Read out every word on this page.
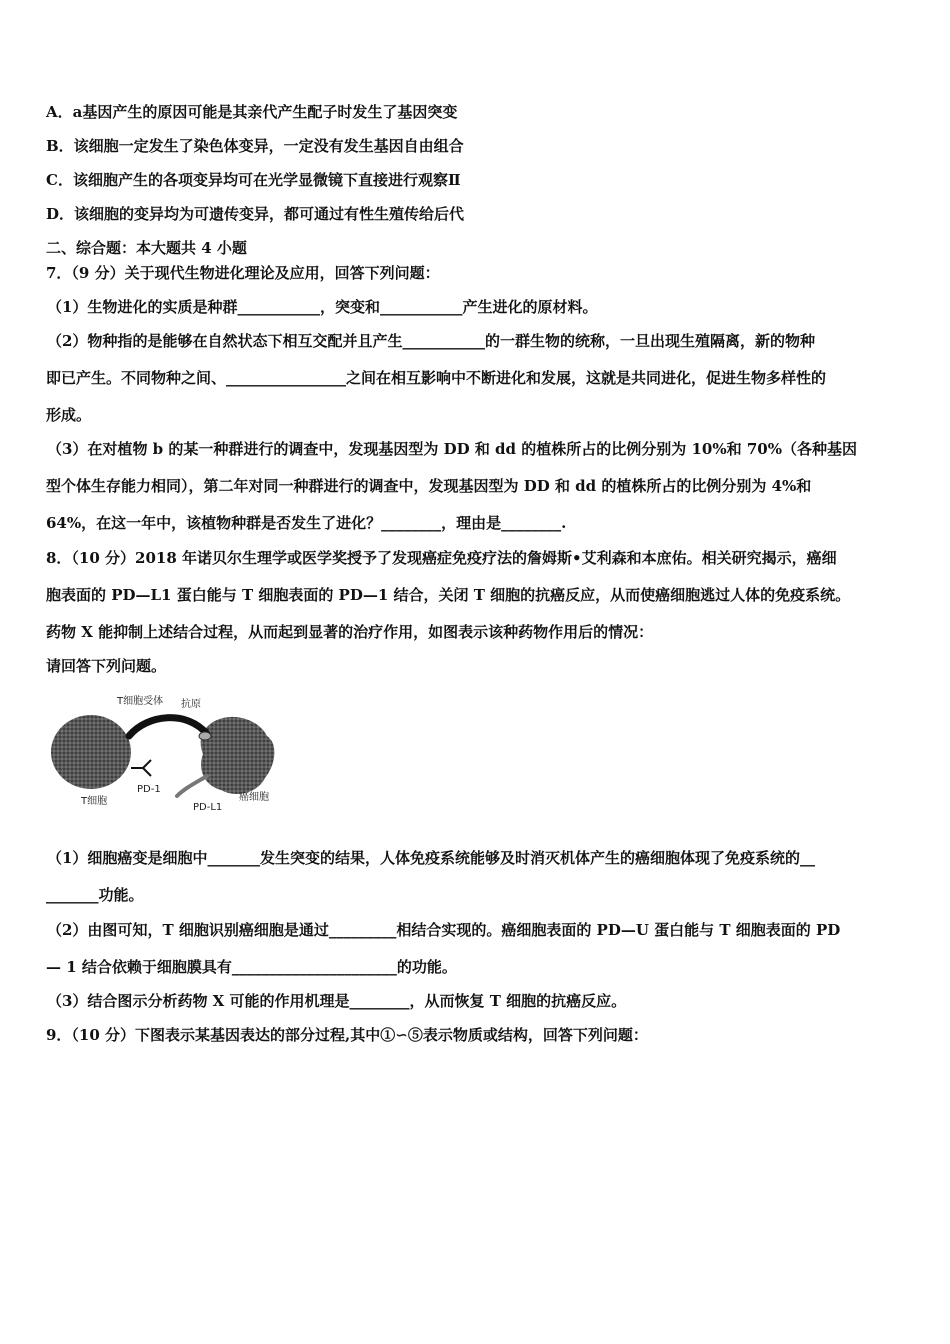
A．a基因产生的原因可能是其亲代产生配子时发生了基因突变
B．该细胞一定发生了染色体变异，一定没有发生基因自由组合
C．该细胞产生的各项变异均可在光学显微镜下直接进行观察Ⅱ
D．该细胞的变异均为可遗传变异，都可通过有性生殖传给后代
二、综合题：本大题共 4 小题
7．（9 分）关于现代生物进化理论及应用，回答下列问题：
（1）生物进化的实质是种群___________，突变和___________产生进化的原材料。
（2）物种指的是能够在自然状态下相互交配并且产生___________的一群生物的统称，一旦出现生殖隔离，新的物种
即已产生。不同物种之间、________________之间在相互影响中不断进化和发展，这就是共同进化，促进生物多样性的
形成。
（3）在对植物 b 的某一种群进行的调查中，发现基因型为 DD 和 dd 的植株所占的比例分别为 10%和 70%（各种基因
型个体生存能力相同），第二年对同一种群进行的调查中，发现基因型为 DD 和 dd 的植株所占的比例分别为 4%和
64%，在这一年中，该植物种群是否发生了进化？________，理由是________.
8．（10 分）2018 年诺贝尔生理学或医学奖授予了发现癌症免疫疗法的詹姆斯•艾利森和本庶佑。相关研究揭示，癌细
胞表面的 PD—L1 蛋白能与 T 细胞表面的 PD—1 结合，关闭 T 细胞的抗癌反应，从而使癌细胞逃过人体的免疫系统。
药物 X 能抑制上述结合过程，从而起到显著的治疗作用，如图表示该种药物作用后的情况：
请回答下列问题。
T细胞受体 抗原
PD-1
T细胞
PD-L1
癌细胞
（1）细胞癌变是细胞中_______发生突变的结果，人体免疫系统能够及时消灭机体产生的癌细胞体现了免疫系统的__
_______功能。
（2）由图可知，T 细胞识别癌细胞是通过_________相结合实现的。癌细胞表面的 PD—U 蛋白能与 T 细胞表面的 PD
— 1 结合依赖于细胞膜具有______________________的功能。
（3）结合图示分析药物 X 可能的作用机理是________，从而恢复 T 细胞的抗癌反应。
9．（10 分）下图表示某基因表达的部分过程,其中①∽⑤表示物质或结构，回答下列问题：
